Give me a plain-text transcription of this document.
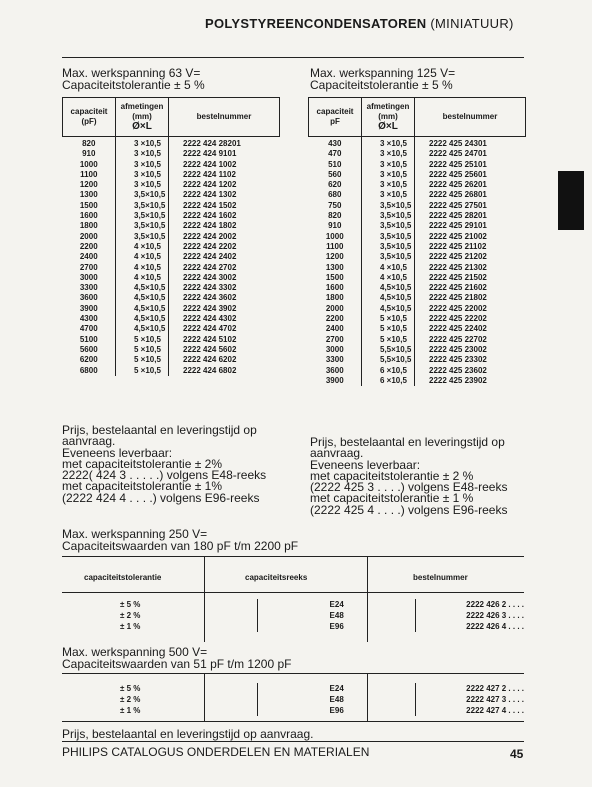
POLYSTYREENCONDENSATOREN (MINIATUUR)
Max. werkspanning 63 V=
Capaciteitstolerantie ± 5 %
Max. werkspanning 125 V=
Capaciteitstolerantie ± 5 %
capaciteit
(pF)	afmetingen (mm)
Ø×L	bestelnummer
820	3 ×10,5	2222 424 28201
910	3 ×10,5	2222 424 9101
1000	3 ×10,5	2222 424 1002
1100	3 ×10,5	2222 424 1102
1200	3 ×10,5	2222 424 1202
1300	3,5×10,5	2222 424 1302
1500	3,5×10,5	2222 424 1502
1600	3,5×10,5	2222 424 1602
1800	3,5×10,5	2222 424 1802
2000	3,5×10,5	2222 424 2002
2200	4 ×10,5	2222 424 2202
2400	4 ×10,5	2222 424 2402
2700	4 ×10,5	2222 424 2702
3000	4 ×10,5	2222 424 3002
3300	4,5×10,5	2222 424 3302
3600	4,5×10,5	2222 424 3602
3900	4,5×10,5	2222 424 3902
4300	4,5×10,5	2222 424 4302
4700	4,5×10,5	2222 424 4702
5100	5 ×10,5	2222 424 5102
5600	5 ×10,5	2222 424 5602
6200	5 ×10,5	2222 424 6202
6800	5 ×10,5	2222 424 6802
capaciteit
pF	afmetingen (mm)
Ø×L	bestelnummer
430	3 ×10,5	2222 425 24301
470	3 ×10,5	2222 425 24701
510	3 ×10,5	2222 425 25101
560	3 ×10,5	2222 425 25601
620	3 ×10,5	2222 425 26201
680	3 ×10,5	2222 425 26801
750	3,5×10,5	2222 425 27501
820	3,5×10,5	2222 425 28201
910	3,5×10,5	2222 425 29101
1000	3,5×10,5	2222 425 21002
1100	3,5×10,5	2222 425 21102
1200	3,5×10,5	2222 425 21202
1300	4 ×10,5	2222 425 21302
1500	4 ×10,5	2222 425 21502
1600	4,5×10,5	2222 425 21602
1800	4,5×10,5	2222 425 21802
2000	4,5×10,5	2222 425 22002
2200	5 ×10,5	2222 425 22202
2400	5 ×10,5	2222 425 22402
2700	5 ×10,5	2222 425 22702
3000	5,5×10,5	2222 425 23002
3300	5,5×10,5	2222 425 23302
3600	6 ×10,5	2222 425 23602
3900	6 ×10,5	2222 425 23902
Prijs, bestelaantal en leveringstijd op
aanvraag.
Eveneens leverbaar:
met capaciteitstolerantie ± 2%
2222( 424 3 . . . . .) volgens E48-reeks
met capaciteitstolerantie ± 1%
(2222 424 4 . . . .) volgens E96-reeks
Prijs, bestelaantal en leveringstijd op
aanvraag.
Eveneens leverbaar:
met capaciteitstolerantie ± 2 %
(2222 425 3 . . . .) volgens E48-reeks
met capaciteitstolerantie ± 1 %
(2222 425 4 . . . .) volgens E96-reeks
Max. werkspanning 250 V=
Capaciteitswaarden van 180 pF t/m 2200 pF
capaciteitstolerantie	capaciteitsreeks	bestelnummer
± 5 %	E24	2222 426 2 . . . .
± 2 %	E48	2222 426 3 . . . .
± 1 %	E96	2222 426 4 . . . .
Max. werkspanning 500 V=
Capaciteitswaarden van 51 pF t/m 1200 pF
± 5 %	E24	2222 427 2 . . . .
± 2 %	E48	2222 427 3 . . . .
± 1 %	E96	2222 427 4 . . . .
Prijs, bestelaantal en leveringstijd op aanvraag.
PHILIPS CATALOGUS ONDERDELEN EN MATERIALEN	45
